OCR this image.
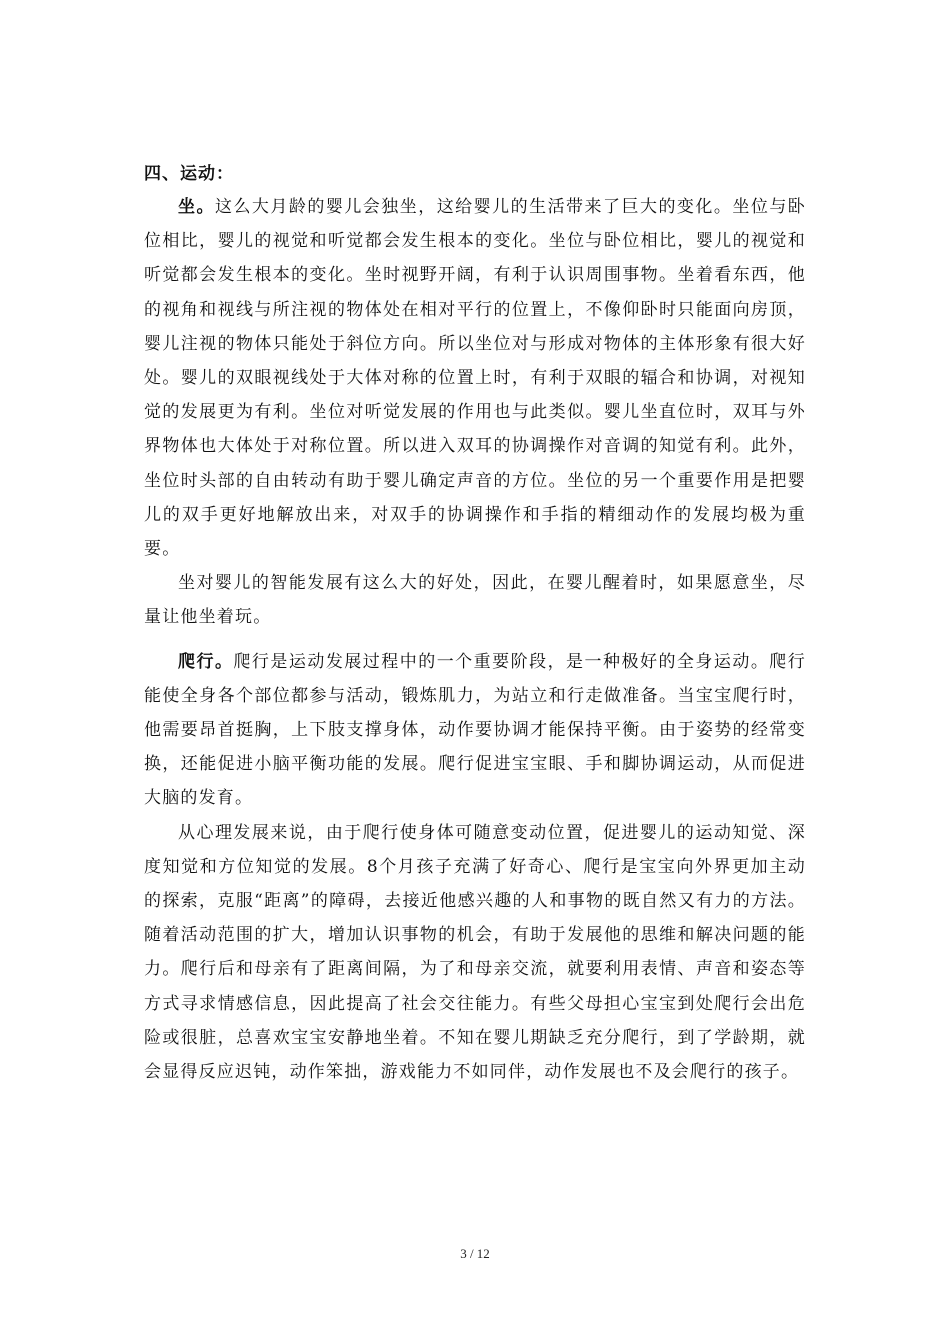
四、运动：

坐。这么大月龄的婴儿会独坐，这给婴儿的生活带来了巨大的变化。坐位与卧位相比，婴儿的视觉和听觉都会发生根本的变化。坐位与卧位相比，婴儿的视觉和听觉都会发生根本的变化。坐时视野开阔，有利于认识周围事物。坐着看东西，他的视角和视线与所注视的物体处在相对平行的位置上，不像仰卧时只能面向房顶，婴儿注视的物体只能处于斜位方向。所以坐位对与形成对物体的主体形象有很大好处。婴儿的双眼视线处于大体对称的位置上时，有利于双眼的辐合和协调，对视知觉的发展更为有利。坐位对听觉发展的作用也与此类似。婴儿坐直位时，双耳与外界物体也大体处于对称位置。所以进入双耳的协调操作对音调的知觉有利。此外，坐位时头部的自由转动有助于婴儿确定声音的方位。坐位的另一个重要作用是把婴儿的双手更好地解放出来，对双手的协调操作和手指的精细动作的发展均极为重要。

坐对婴儿的智能发展有这么大的好处，因此，在婴儿醒着时，如果愿意坐，尽量让他坐着玩。

爬行。爬行是运动发展过程中的一个重要阶段，是一种极好的全身运动。爬行能使全身各个部位都参与活动，锻炼肌力，为站立和行走做准备。当宝宝爬行时，他需要昂首挺胸，上下肢支撑身体，动作要协调才能保持平衡。由于姿势的经常变换，还能促进小脑平衡功能的发展。爬行促进宝宝眼、手和脚协调运动，从而促进大脑的发育。

从心理发展来说，由于爬行使身体可随意变动位置，促进婴儿的运动知觉、深度知觉和方位知觉的发展。8个月孩子充满了好奇心、爬行是宝宝向外界更加主动的探索，克服“距离”的障碍，去接近他感兴趣的人和事物的既自然又有力的方法。随着活动范围的扩大，增加认识事物的机会，有助于发展他的思维和解决问题的能力。爬行后和母亲有了距离间隔，为了和母亲交流，就要利用表情、声音和姿态等方式寻求情感信息，因此提高了社会交往能力。有些父母担心宝宝到处爬行会出危险或很脏，总喜欢宝宝安静地坐着。不知在婴儿期缺乏充分爬行，到了学龄期，就会显得反应迟钝，动作笨拙，游戏能力不如同伴，动作发展也不及会爬行的孩子。

3 / 12
